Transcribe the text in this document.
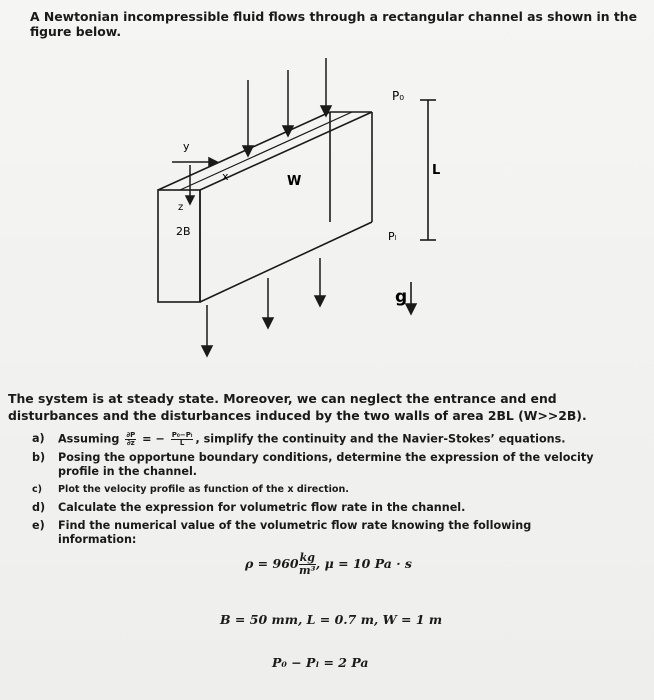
A Newtonian incompressible fluid flows through a rectangular channel as shown in the figure below.
y
x
z
2B
W
P₀
Pₗ
L
g
The system is at steady state. Moreover, we can neglect the entrance and end disturbances and the disturbances induced by the two walls of area 2BL (W>>2B).
a)	Assuming $\frac{\partial P}{\partial z}$ = − $\frac{\text{P₀−Pₗ}}{L}$ , simplify the continuity and the Navier-Stokes’ equations.
b)	Posing the opportune boundary conditions, determine the expression of the velocity profile in the channel.
c)	Plot the velocity profile as function of the x direction.
d)	Calculate the expression for volumetric flow rate in the channel.
e)	Find the numerical value of the volumetric flow rate knowing the following information:
$\rho = 960 \frac{kg}{\text{m³}}$ , μ = 10 Pa · s
B = 50 mm, L = 0.7 m, W = 1 m
P₀ − Pₗ = 2 Pa
